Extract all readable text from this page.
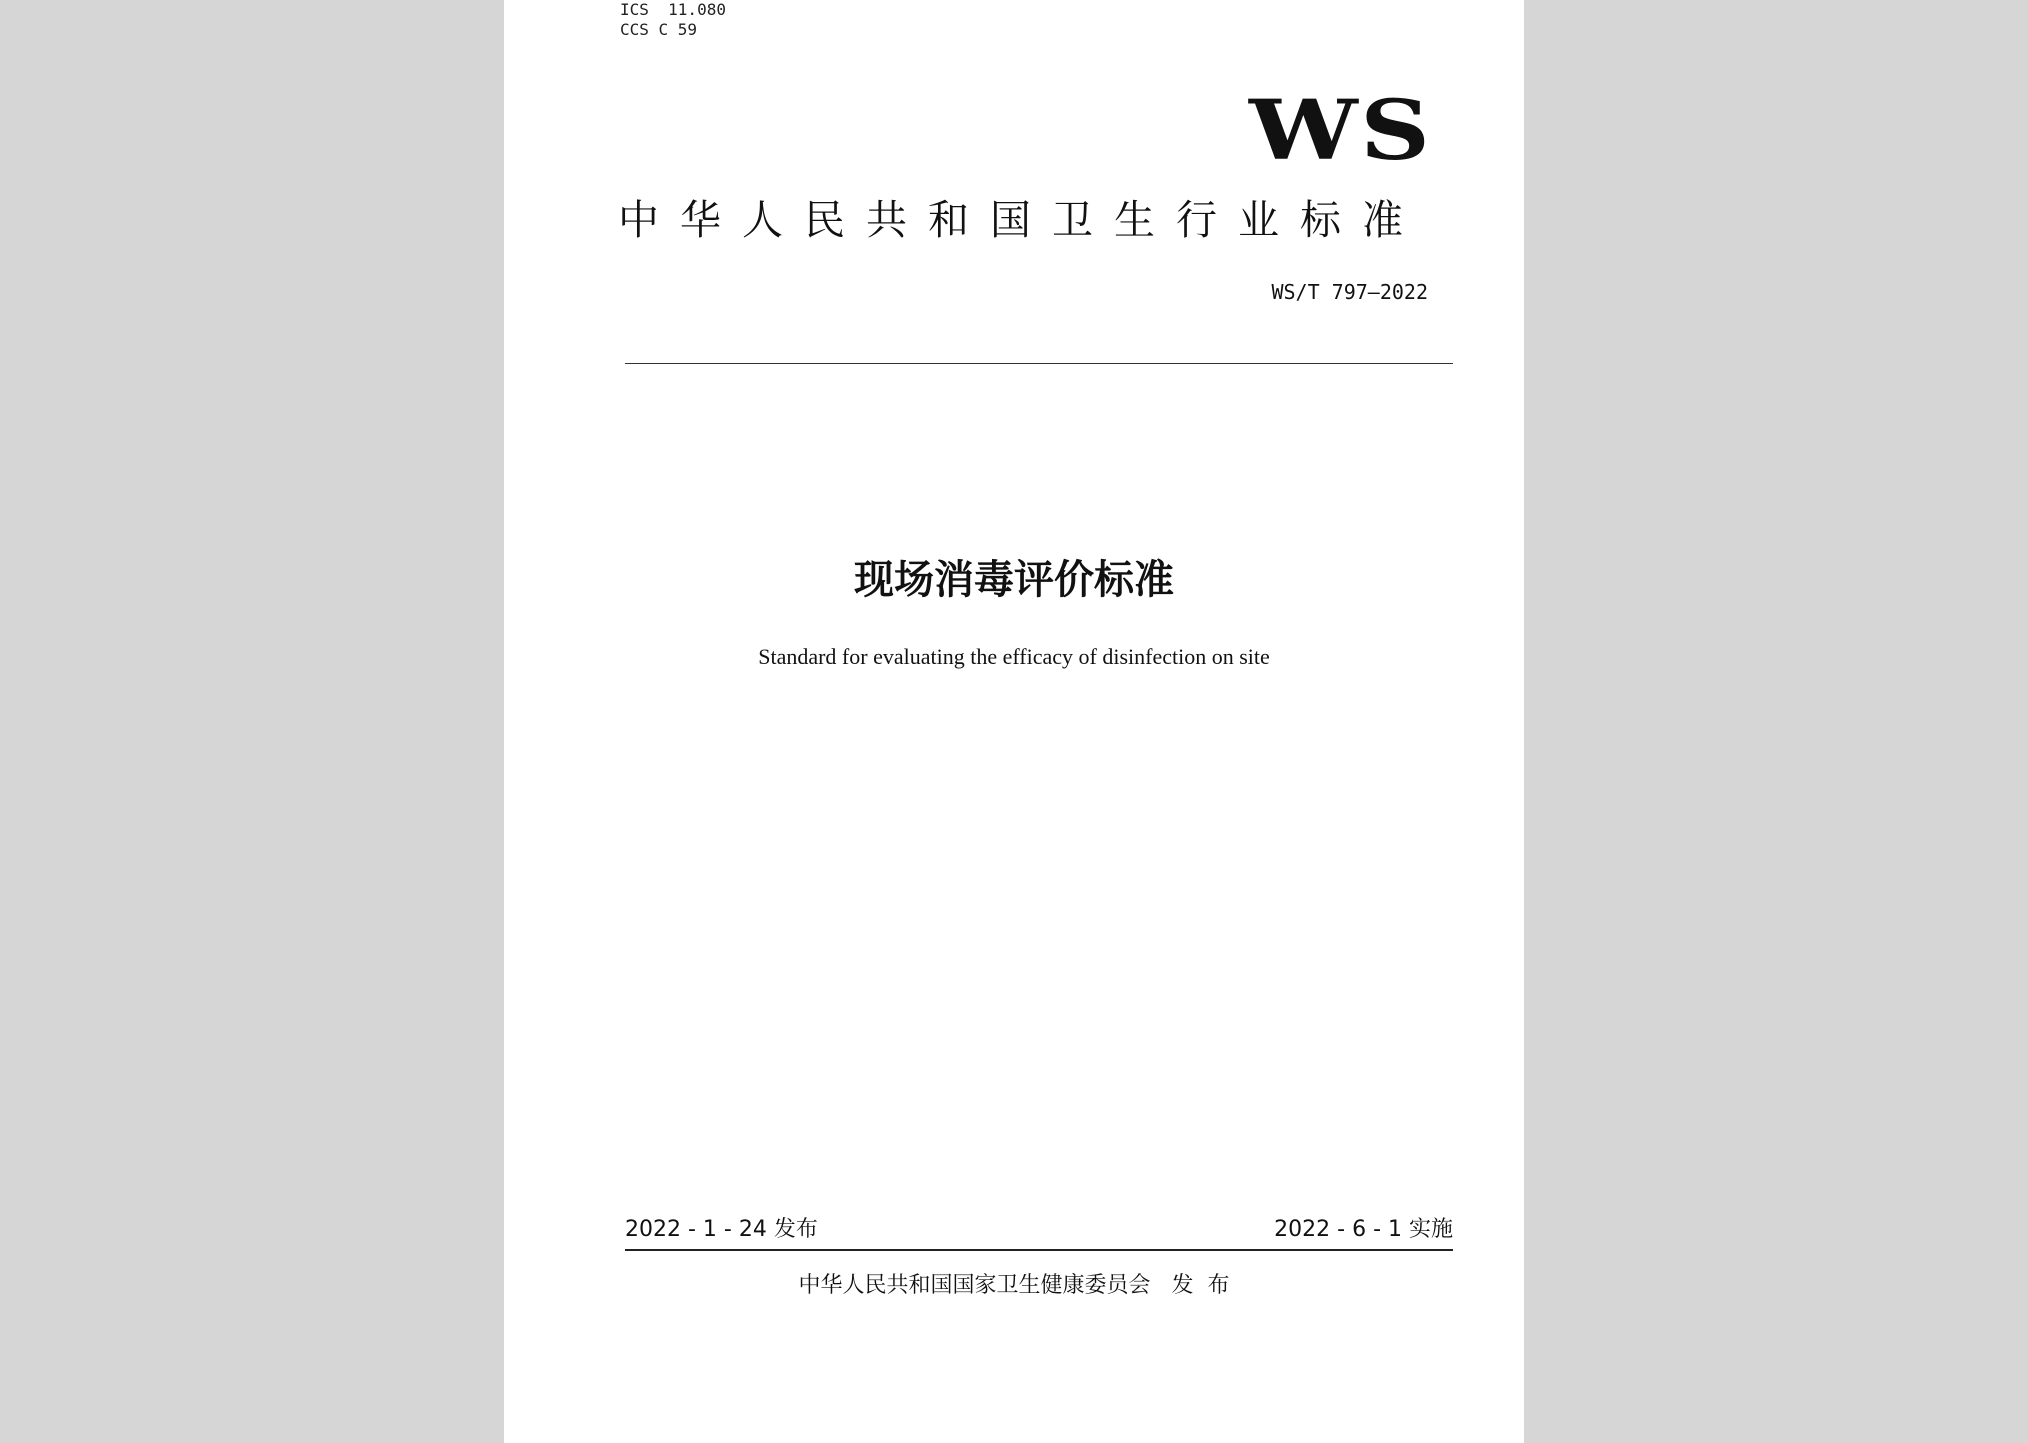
ICS  11.080
CCS C 59
WS
中华人民共和国卫生行业标准
WS/T 797—2022
现场消毒评价标准
Standard for evaluating the efficacy of disinfection on site
2022 - 1 - 24 发布	2022 - 6 - 1 实施
中华人民共和国国家卫生健康委员会   发  布
